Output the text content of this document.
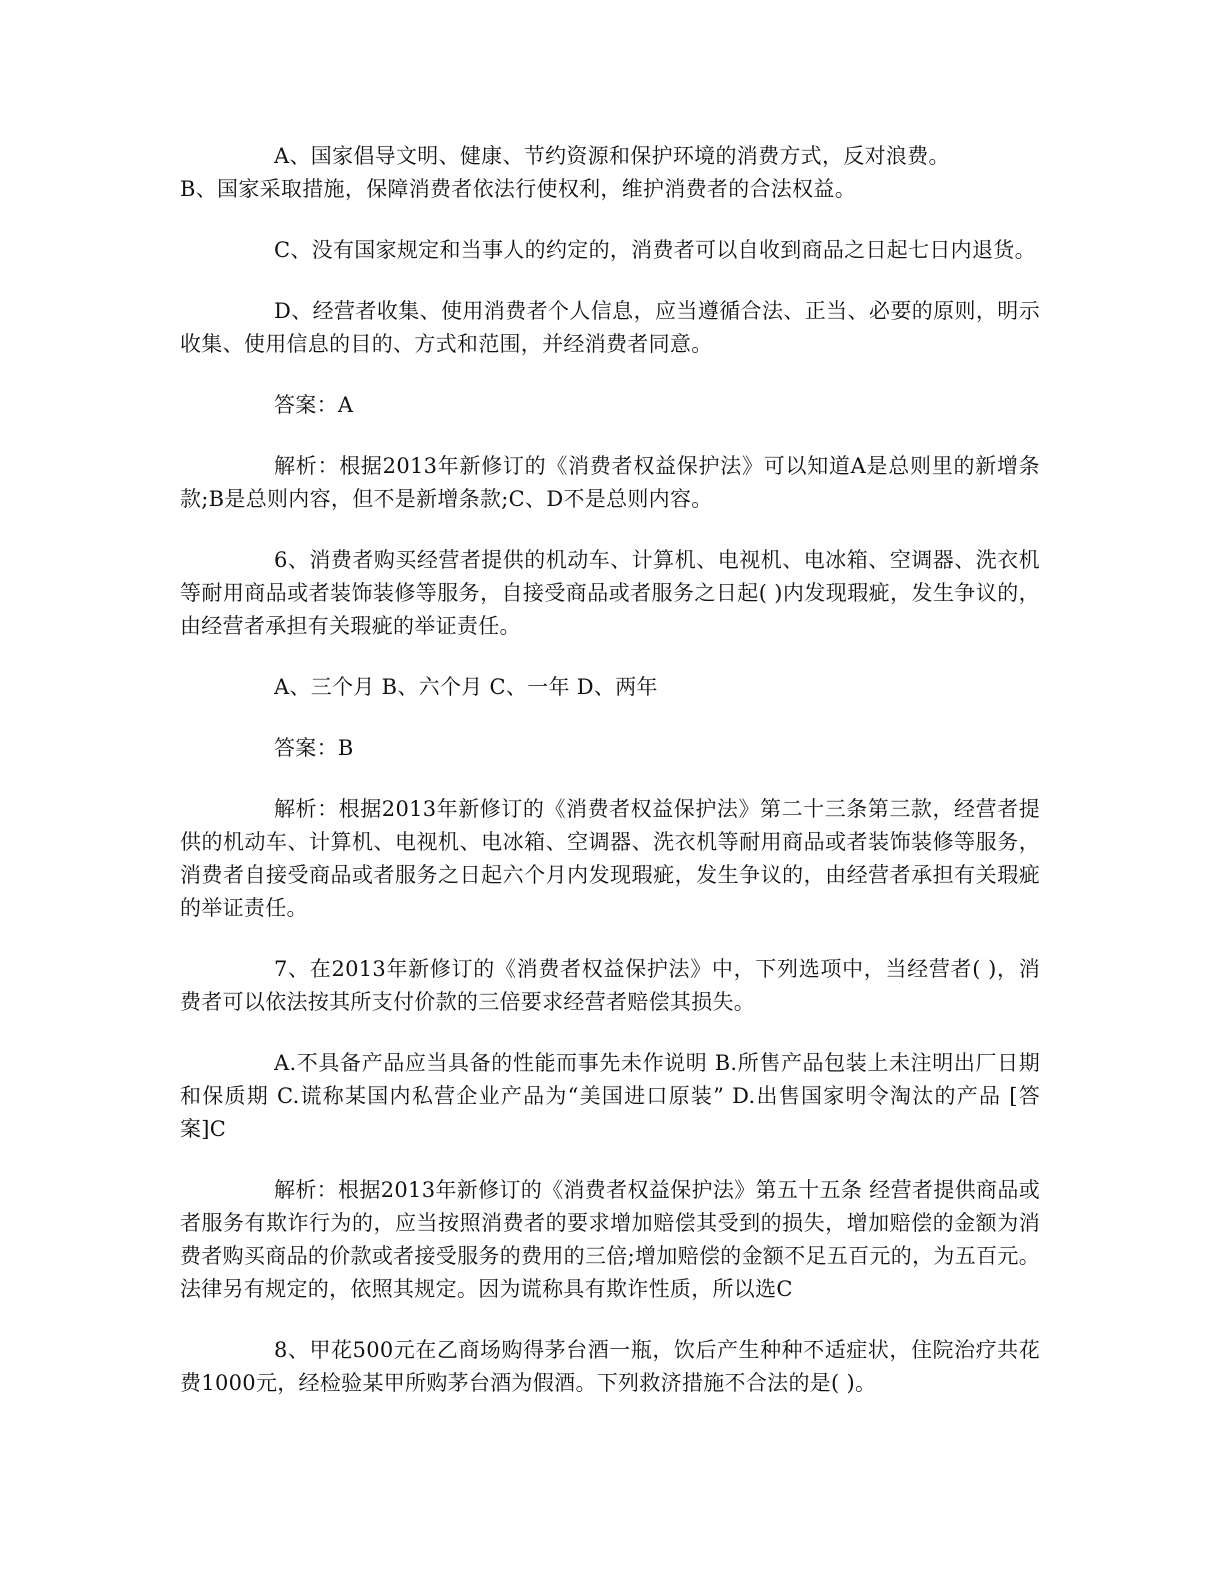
A、国家倡导文明、健康、节约资源和保护环境的消费方式，反对浪费。

B、国家采取措施，保障消费者依法行使权利，维护消费者的合法权益。

C、没有国家规定和当事人的约定的，消费者可以自收到商品之日起七日内退货。

D、经营者收集、使用消费者个人信息，应当遵循合法、正当、必要的原则，明示收集、使用信息的目的、方式和范围，并经消费者同意。

答案：A

解析：根据2013年新修订的《消费者权益保护法》可以知道A是总则里的新增条款;B是总则内容，但不是新增条款;C、D不是总则内容。

6、消费者购买经营者提供的机动车、计算机、电视机、电冰箱、空调器、洗衣机等耐用商品或者装饰装修等服务，自接受商品或者服务之日起( )内发现瑕疵，发生争议的，由经营者承担有关瑕疵的举证责任。

A、三个月 B、六个月 C、一年 D、两年

答案：B

解析：根据2013年新修订的《消费者权益保护法》第二十三条第三款，经营者提供的机动车、计算机、电视机、电冰箱、空调器、洗衣机等耐用商品或者装饰装修等服务，消费者自接受商品或者服务之日起六个月内发现瑕疵，发生争议的，由经营者承担有关瑕疵的举证责任。

7、在2013年新修订的《消费者权益保护法》中，下列选项中，当经营者( )，消费者可以依法按其所支付价款的三倍要求经营者赔偿其损失。

A.不具备产品应当具备的性能而事先未作说明 B.所售产品包装上未注明出厂日期和保质期 C.谎称某国内私营企业产品为“美国进口原装” D.出售国家明令淘汰的产品 [答案]C

解析：根据2013年新修订的《消费者权益保护法》第五十五条 经营者提供商品或者服务有欺诈行为的，应当按照消费者的要求增加赔偿其受到的损失，增加赔偿的金额为消费者购买商品的价款或者接受服务的费用的三倍;增加赔偿的金额不足五百元的，为五百元。法律另有规定的，依照其规定。因为谎称具有欺诈性质，所以选C

8、甲花500元在乙商场购得茅台酒一瓶，饮后产生种种不适症状，住院治疗共花费1000元，经检验某甲所购茅台酒为假酒。下列救济措施不合法的是( )。
